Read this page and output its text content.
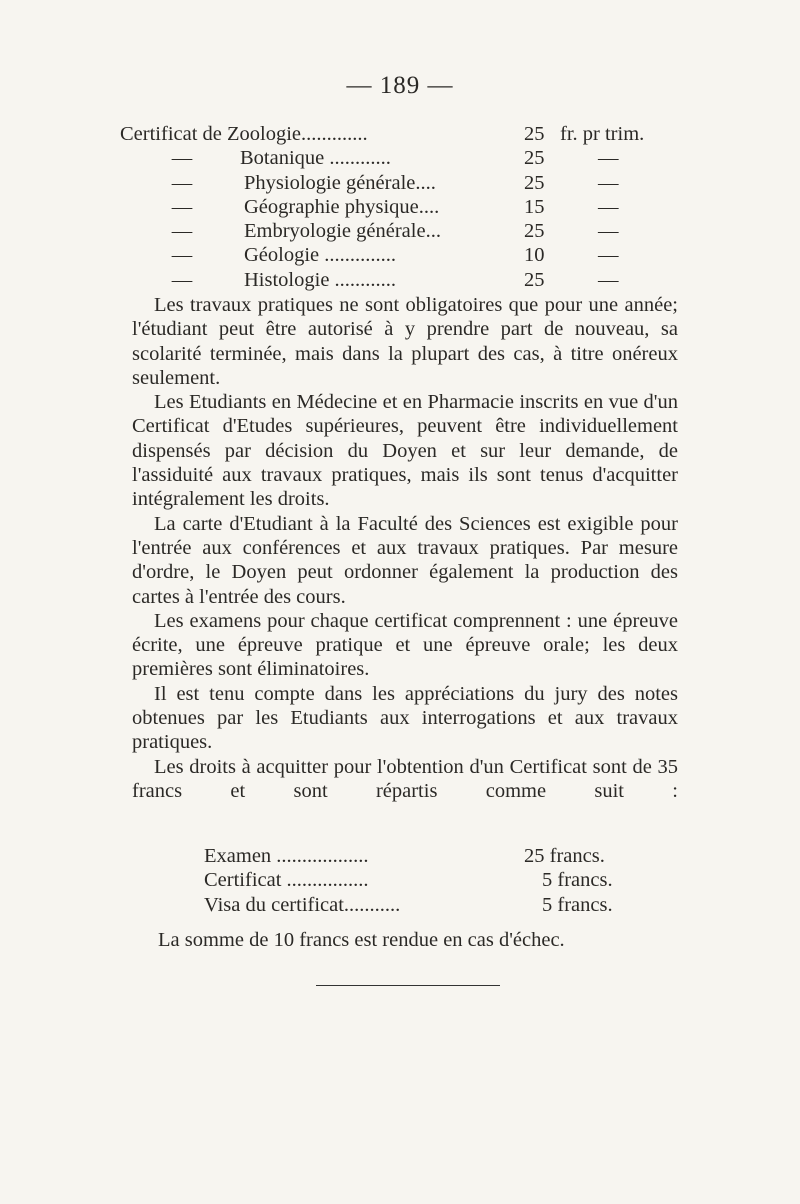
— 189 —
Certificat de Zoologie.............	25 fr. pr trim.
— Botanique ............	25	—
—	Physiologie générale....	25	—
—	Géographie physique....	15	—
—	Embryologie générale...	25	—
—	Géologie ..............	10	—
—	Histologie ............	25	—

Les travaux pratiques ne sont obligatoires que pour une année; l'étudiant peut être autorisé à y prendre part de nouveau, sa scolarité terminée, mais dans la plupart des cas, à titre onéreux seulement.

Les Etudiants en Médecine et en Pharmacie inscrits en vue d'un Certificat d'Etudes supérieures, peuvent être individuellement dispensés par décision du Doyen et sur leur demande, de l'assiduité aux travaux pratiques, mais ils sont tenus d'acquitter intégralement les droits.

La carte d'Etudiant à la Faculté des Sciences est exigible pour l'entrée aux conférences et aux travaux pratiques. Par mesure d'ordre, le Doyen peut ordonner également la production des cartes à l'entrée des cours.

Les examens pour chaque certificat comprennent : une épreuve écrite, une épreuve pratique et une épreuve orale; les deux premières sont éliminatoires.

Il est tenu compte dans les appréciations du jury des notes obtenues par les Etudiants aux interrogations et aux travaux pratiques.

Les droits à acquitter pour l'obtention d'un Certificat sont de 35 francs et sont répartis comme suit :

Examen ..................	25 francs.
Certificat ................	5 francs.
Visa du certificat...........	5 francs.
La somme de 10 francs est rendue en cas d'échec.
